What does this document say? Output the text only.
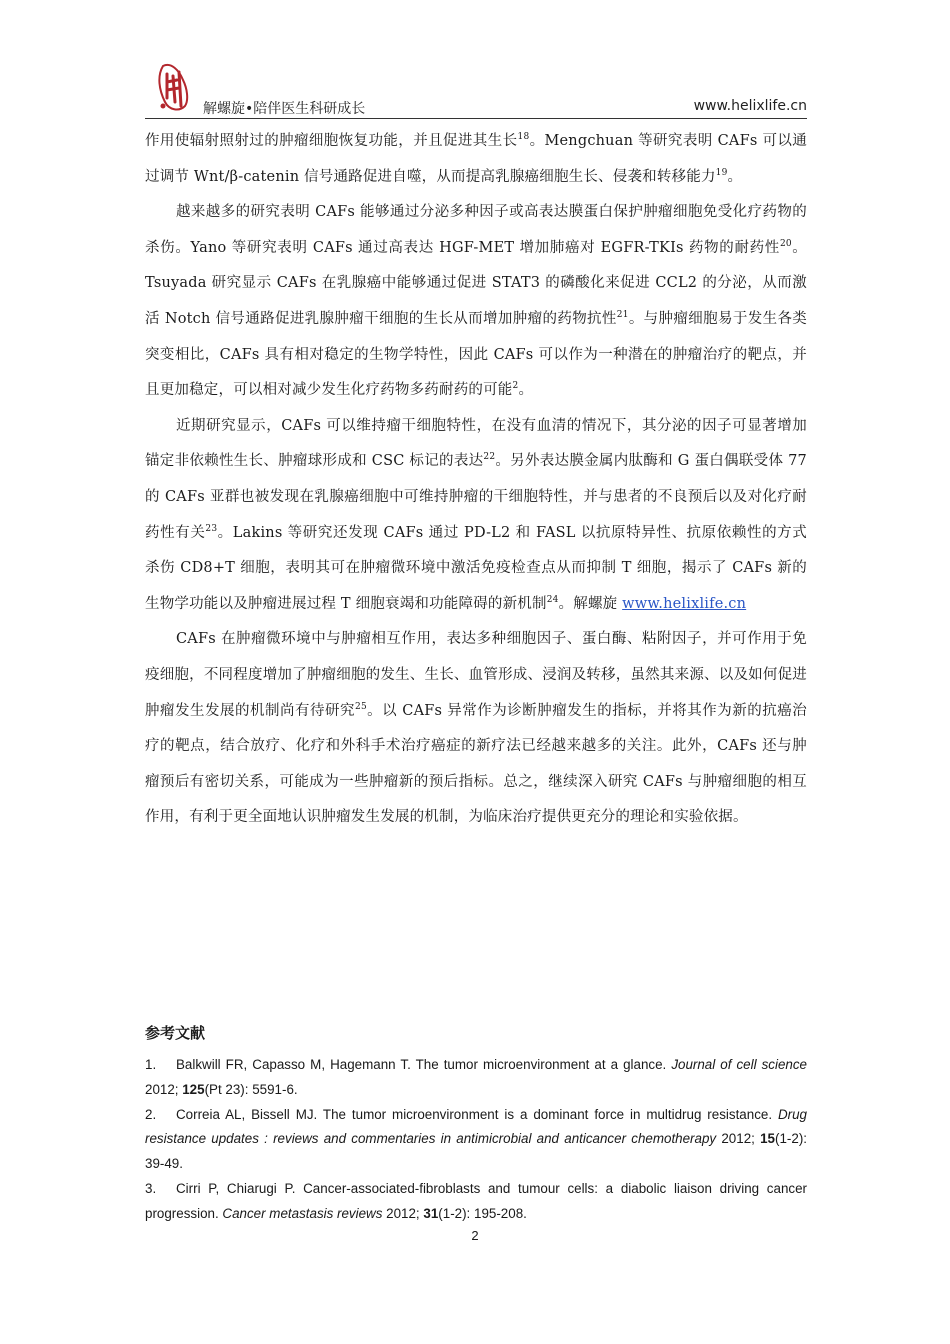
解螺旋•陪伴医生科研成长	www.helixlife.cn

作用使辐射照射过的肿瘤细胞恢复功能，并且促进其生长$^{18}$。Mengchuan 等研究表明 CAFs 可以通过调节 Wnt/β-catenin 信号通路促进自噬，从而提高乳腺癌细胞生长、侵袭和转移能力$^{19}$。

越来越多的研究表明 CAFs 能够通过分泌多种因子或高表达膜蛋白保护肿瘤细胞免受化疗药物的杀伤。Yano 等研究表明 CAFs 通过高表达 HGF-MET 增加肺癌对 EGFR-TKIs 药物的耐药性$^{20}$。Tsuyada 研究显示 CAFs 在乳腺癌中能够通过促进 STAT3 的磷酸化来促进 CCL2 的分泌，从而激活 Notch 信号通路促进乳腺肿瘤干细胞的生长从而增加肿瘤的药物抗性$^{21}$。与肿瘤细胞易于发生各类突变相比，CAFs 具有相对稳定的生物学特性，因此 CAFs 可以作为一种潜在的肿瘤治疗的靶点，并且更加稳定，可以相对减少发生化疗药物多药耐药的可能$^2$。

近期研究显示，CAFs 可以维持瘤干细胞特性，在没有血清的情况下，其分泌的因子可显著增加锚定非依赖性生长、肿瘤球形成和 CSC 标记的表达$^{22}$。另外表达膜金属内肽酶和 G 蛋白偶联受体 77 的 CAFs 亚群也被发现在乳腺癌细胞中可维持肿瘤的干细胞特性，并与患者的不良预后以及对化疗耐药性有关$^{23}$。Lakins 等研究还发现 CAFs 通过 PD-L2 和 FASL 以抗原特异性、抗原依赖性的方式杀伤 CD8+T 细胞，表明其可在肿瘤微环境中激活免疫检查点从而抑制 T 细胞，揭示了 CAFs 新的生物学功能以及肿瘤进展过程 T 细胞衰竭和功能障碍的新机制$^{24}$。解螺旋 www.helixlife.cn

CAFs 在肿瘤微环境中与肿瘤相互作用，表达多种细胞因子、蛋白酶、粘附因子，并可作用于免疫细胞，不同程度增加了肿瘤细胞的发生、生长、血管形成、浸润及转移，虽然其来源、以及如何促进肿瘤发生发展的机制尚有待研究$^{25}$。以 CAFs 异常作为诊断肿瘤发生的指标，并将其作为新的抗癌治疗的靶点，结合放疗、化疗和外科手术治疗癌症的新疗法已经越来越多的关注。此外，CAFs 还与肿瘤预后有密切关系，可能成为一些肿瘤新的预后指标。总之，继续深入研究 CAFs 与肿瘤细胞的相互作用，有利于更全面地认识肿瘤发生发展的机制，为临床治疗提供更充分的理论和实验依据。

参考文献

1. Balkwill FR, Capasso M, Hagemann T. The tumor microenvironment at a glance. Journal of cell science 2012; 125(Pt 23): 5591-6.

2. Correia AL, Bissell MJ. The tumor microenvironment is a dominant force in multidrug resistance. Drug resistance updates : reviews and commentaries in antimicrobial and anticancer chemotherapy 2012; 15(1-2): 39-49.

3. Cirri P, Chiarugi P. Cancer-associated-fibroblasts and tumour cells: a diabolic liaison driving cancer progression. Cancer metastasis reviews 2012; 31(1-2): 195-208.

2
